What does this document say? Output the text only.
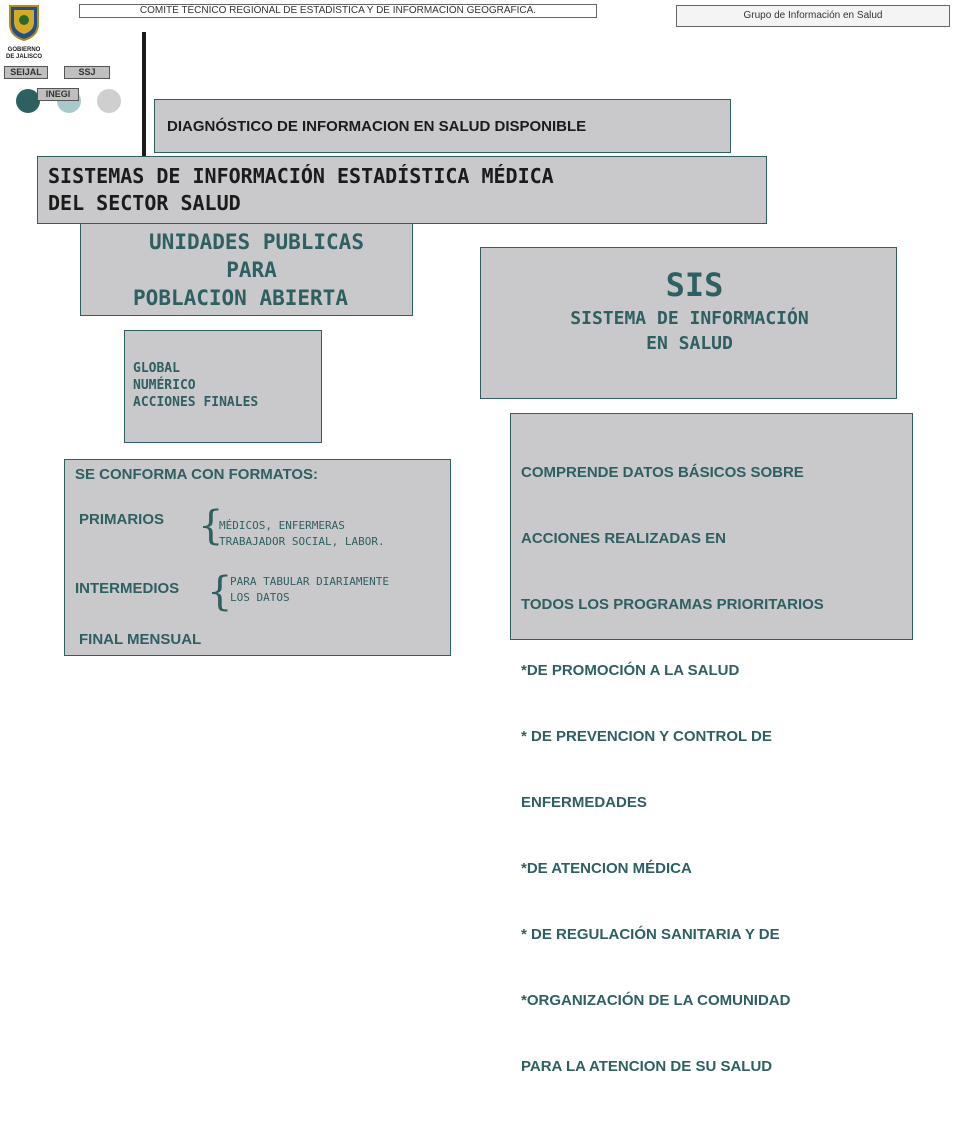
COMITÉ TÉCNICO REGIONAL DE ESTADÍSTICA Y DE INFORMACIÓN GEOGRÁFICA.	Grupo de Información en Salud
GOBIERNO
DE JALISCO
SEIJAL	SSJ
INEGI
DIAGNÓSTICO DE INFORMACION EN SALUD DISPONIBLE
SISTEMAS DE INFORMACIÓN ESTADÍSTICA MÉDICA
DEL SECTOR SALUD
UNIDADES PUBLICAS
PARA
POBLACION ABIERTA	SIS
SISTEMA DE INFORMACIÓN
EN SALUD
GLOBAL
NUMÉRICO
ACCIONES FINALES

COMPRENDE DATOS BÁSICOS SOBRE

ACCIONES REALIZADAS EN

TODOS LOS PROGRAMAS PRIORITARIOS

*DE PROMOCIÓN A LA SALUD

* DE PREVENCION Y CONTROL DE

ENFERMEDADES

*DE ATENCION MÉDICA

* DE REGULACIÓN SANITARIA Y DE

*ORGANIZACIÓN DE LA COMUNIDAD

PARA LA ATENCION DE SU SALUD

SE CONFORMA CON FORMATOS:
PRIMARIOS {
MÉDICOS, ENFERMERAS
TRABAJADOR SOCIAL, LABOR.
INTERMEDIOS {
PARA TABULAR DIARIAMENTE
LOS DATOS
FINAL MENSUAL
